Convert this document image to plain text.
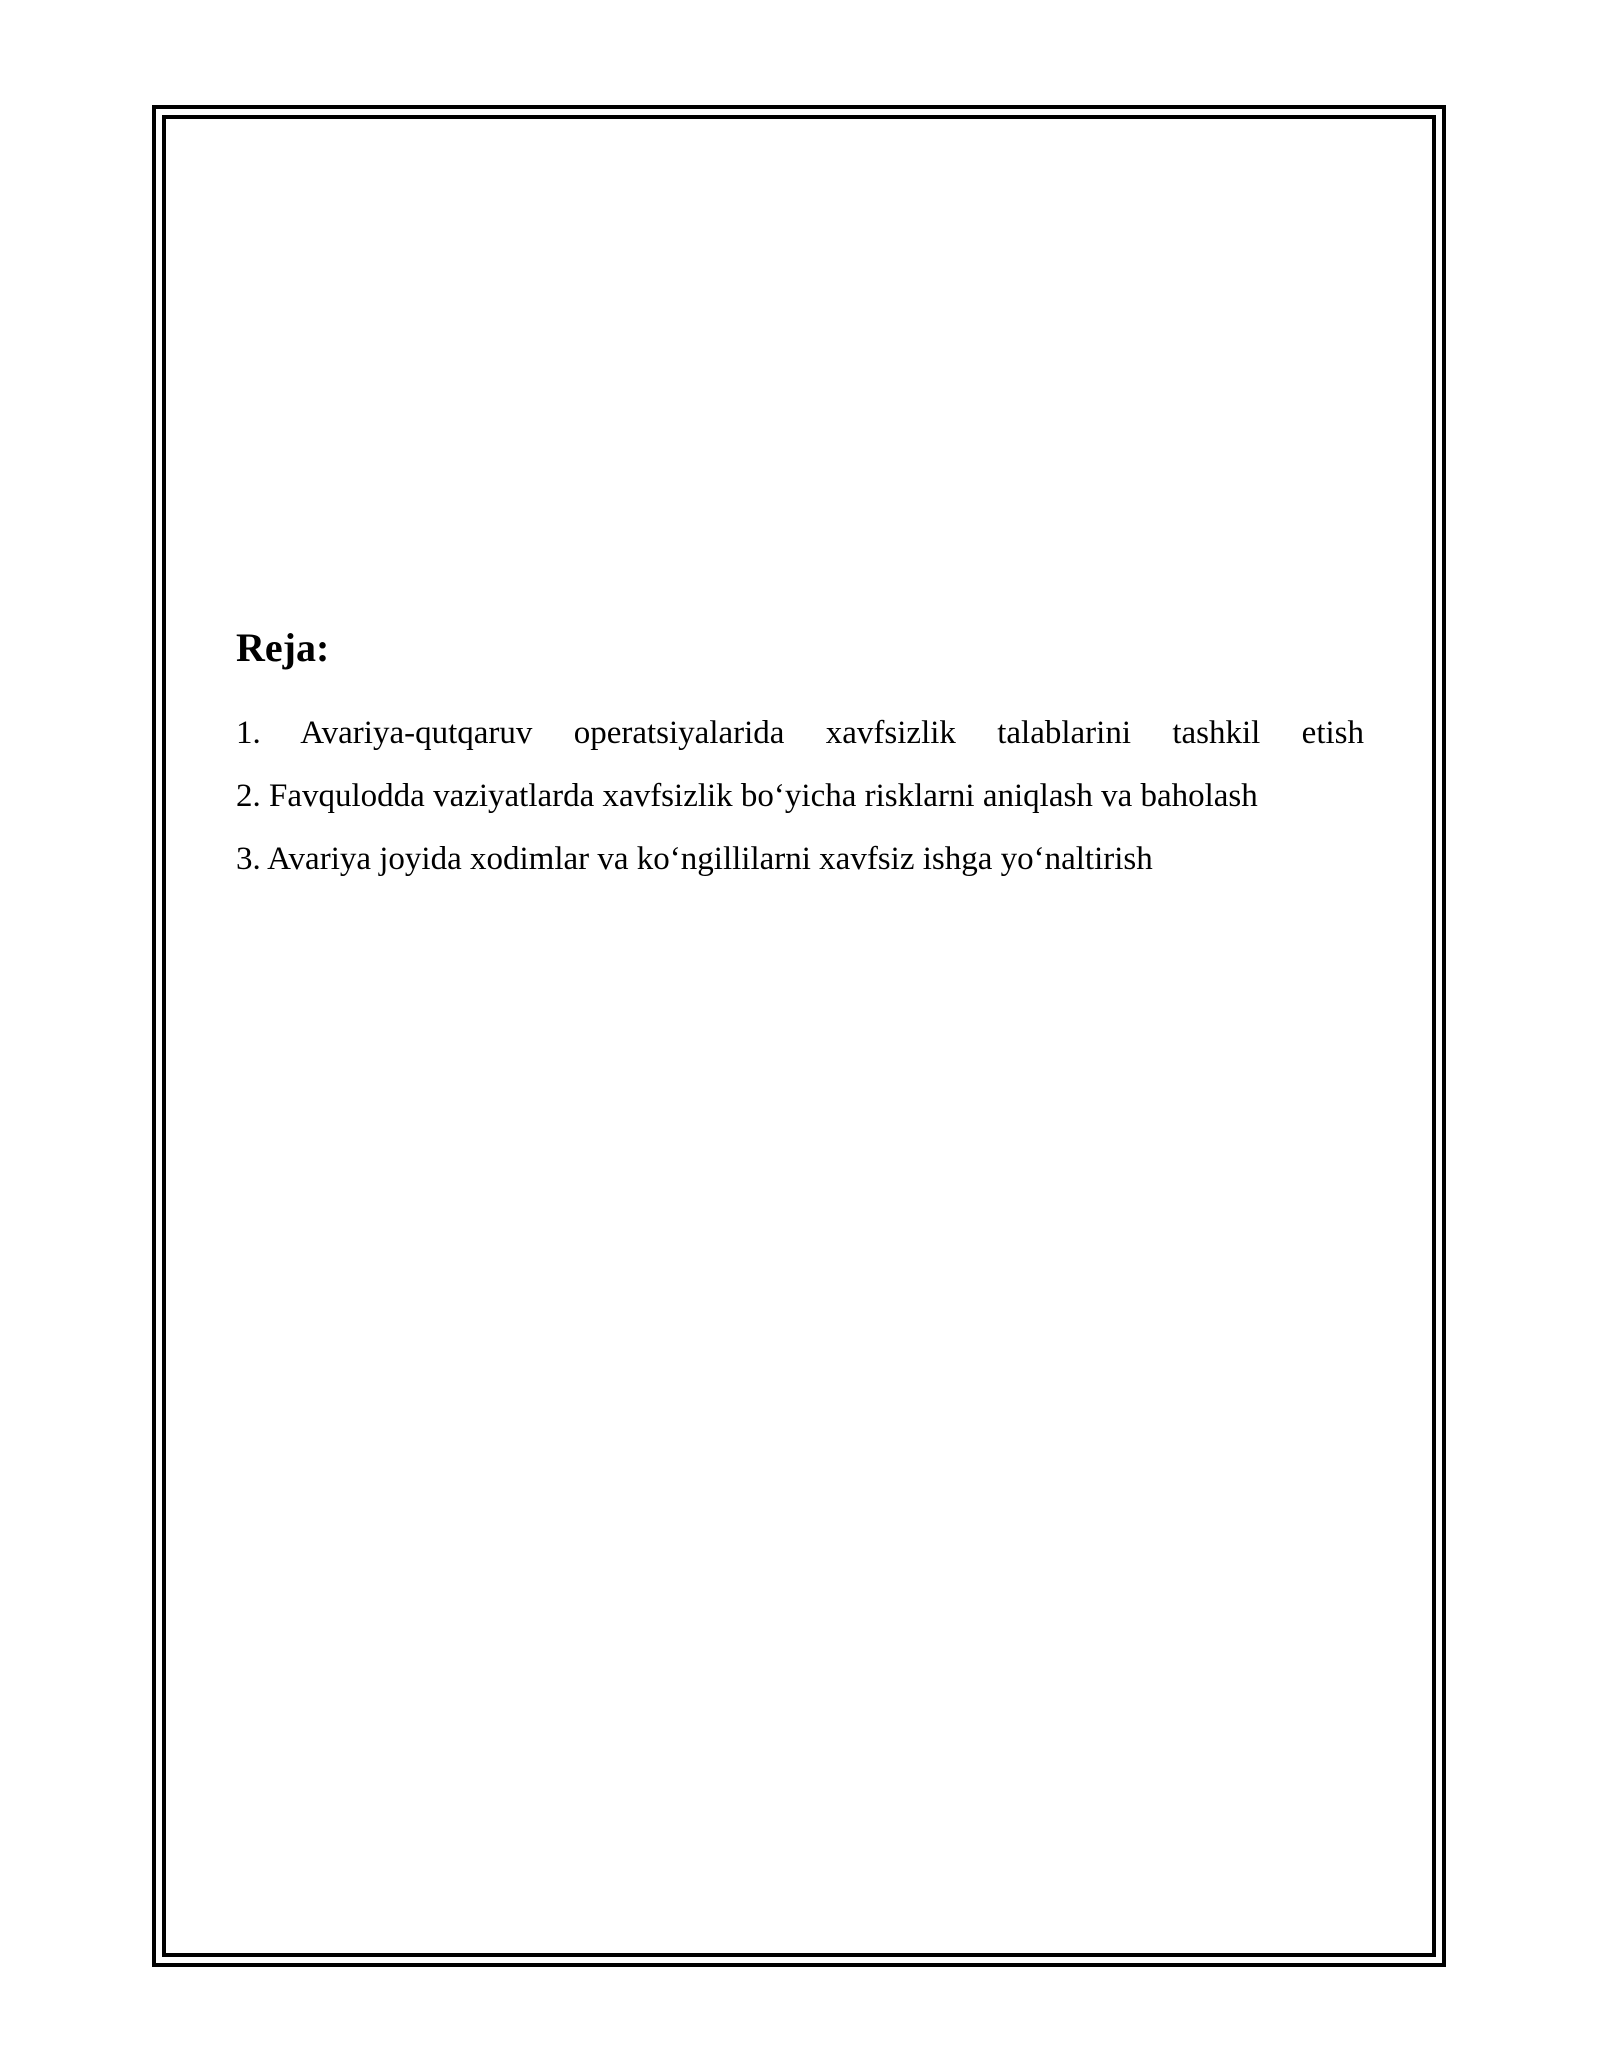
Reja:
1. Avariya-qutqaruv operatsiyalarida xavfsizlik talablarini tashkil etish
2. Favqulodda vaziyatlarda xavfsizlik bo‘yicha risklarni aniqlash va baholash
3. Avariya joyida xodimlar va ko‘ngillilarni xavfsiz ishga yo‘naltirish
